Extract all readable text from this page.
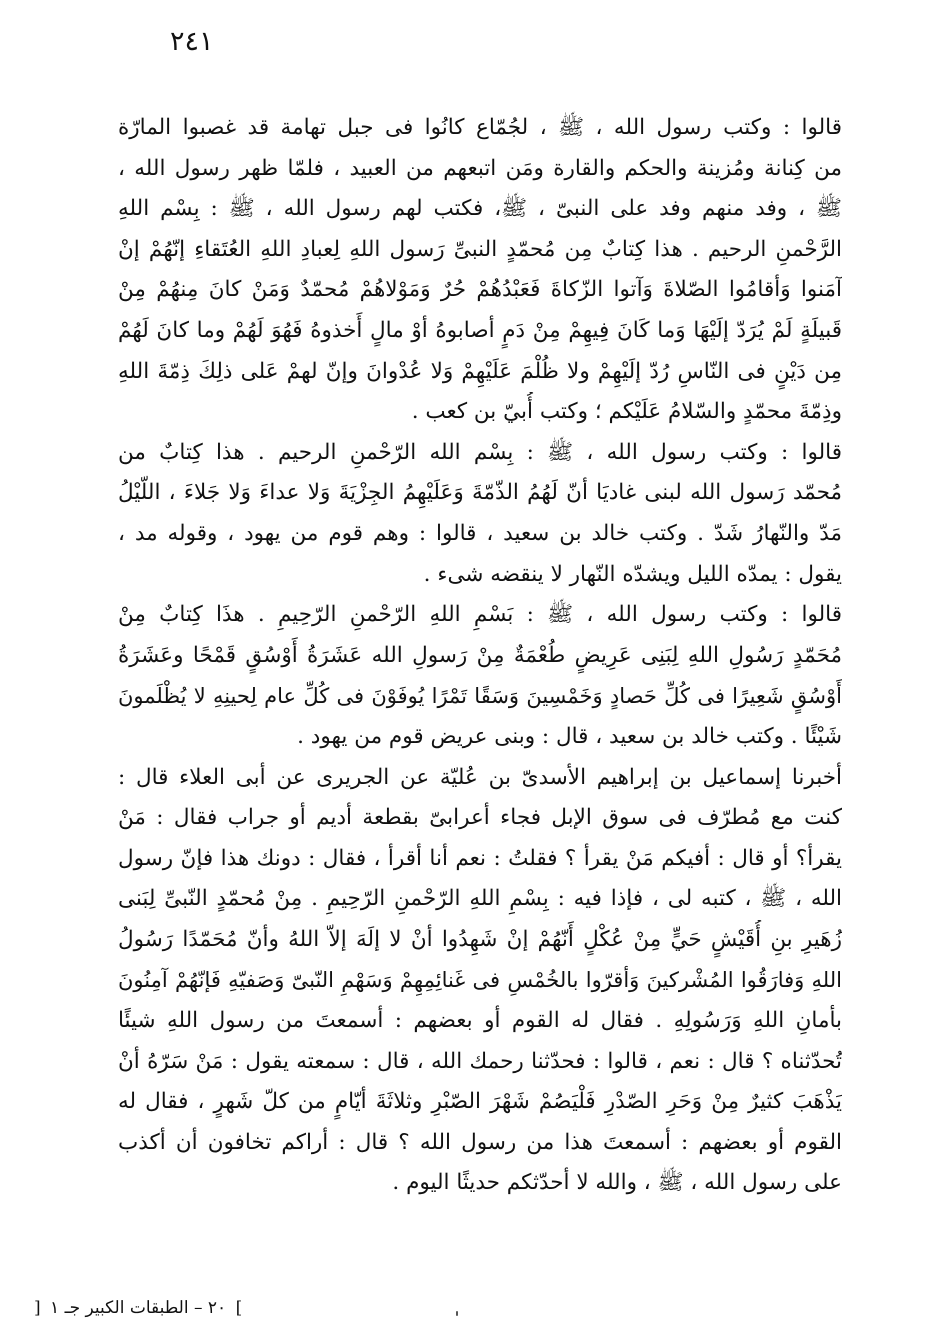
٢٤١
قالوا : وكتب رسول الله ، ﷺ ، لجُمّاع كانُوا فى جبل تهامة قد غصبوا المارّة
من كِنانة ومُزينة والحكم والقارة ومَن اتبعهم من العبيد ، فلمّا ظهر رسول الله ،
ﷺ ، وفد منهم وفد على النبىّ ، ﷺ، فكتب لهم رسول الله ، ﷺ : بِسْم اللهِ
الرَّحْمنِ الرحيم . هذا كِتابٌ مِن مُحمّدٍ النبىِّ رَسول اللهِ لِعبادِ اللهِ العُتَقاءِ إنّهُمْ إنْ
آمَنوا وَأقامُوا الصّلاةَ وَآتوا الزّكاةَ فَعَبْدُهُمْ حُرٌ وَمَوْلاهُمْ مُحمّدٌ وَمَنْ كانَ مِنهُمْ مِنْ
قَبيلَةٍ لَمْ يُرَدّ إلَيْهَا وَما كَانَ فِيهِمْ مِنْ دَمٍ أصابوهُ أوْ مالٍ أَخذوهُ فَهُوَ لَهُمْ وما كانَ لَهُمْ
مِن دَيْنٍ فى النّاسِ رُدّ إلَيْهِمْ ولا ظُلْمَ عَلَيْهِمْ وَلا عُدْوانَ وإنّ لهمْ عَلى ذلِكَ ذِمّةَ اللهِ
وذِمّةَ محمّدٍ والسّلامُ عَلَيْكم ؛ وكتب أُبيّ بن كعب .
قالوا : وكتب رسول الله ، ﷺ : بِسْم الله الرّحْمنِ الرحيم . هذا كِتابٌ من
مُحمّد رَسول الله لبنى غاديَا أنّ لَهُمُ الذّمّةَ وَعَلَيْهِمُ الجِزْيَةَ وَلا عداءَ وَلا جَلاءَ ، اللّيْلُ
مَدّ والنّهارُ شَدّ . وكتب خالد بن سعيد ، قالوا : وهم قوم من يهود ، وقوله مد ،
يقول : يمدّه الليل ويشدّه النّهار لا ينقضه شىء .
قالوا : وكتب رسول الله ، ﷺ : بَسْمِ اللهِ الرّحْمنِ الرّحِيمِ . هذَا كِتابٌ مِنْ
مُحَمّدٍ رَسُولِ اللهِ لِبَنِى عَرِيضٍ طُعْمَةٌ مِنْ رَسولِ الله عَشَرَةُ أَوْسُقٍ قَمْحًا وعَشَرَةُ
أَوْسُقٍ شَعِيرًا فى كُلِّ حَصادٍ وَخَمْسِينَ وَسَقًا تَمْرًا يُوفَوْنَ فى كُلِّ عام لِحينِهِ لا يُظْلَمونَ
شَيْئًا . وكتب خالد بن سعيد ، قال : وبنى عريض قوم من يهود .
أخبرنا إسماعيل بن إبراهيم الأسدىّ بن عُليّة عن الجريرى عن أبى العلاء قال :
كنت مع مُطرّف فى سوق الإبل فجاء أعرابىّ بقطعة أديم أو جراب فقال : مَنْ
يقرأ؟ أو قال : أفيكم مَنْ يقرأ ؟ فقلتُ : نعم أنا أقرأ ، فقال : دونك هذا فإنّ رسول
الله ، ﷺ ، كتبه لى ، فإذا فيه : بِسْمِ اللهِ الرّحْمنِ الرّحِيمِ . مِنْ مُحمّدٍ النّبىِّ لِبَنى
زُهَيرِ بنِ أُقَيْشٍ حَيٍّ مِنْ عُكْلٍ أَنّهُمْ إنْ شَهِدُوا أنْ لا إلَهَ إلاّ اللهُ وأنّ مُحَمّدًا رَسُولُ
اللهِ وَفارَقُوا المُشْركينَ وَأقرّوا بالخُمْسِ فى غَنائِمِهِمْ وَسَهْمِ النّبىّ وَصَفيّهِ فَإنّهُمْ آمِنُونَ
بأمانِ اللهِ وَرَسُولِهِ . فقال له القوم أو بعضهم : أسمعتَ من رسول اللهِ شيئًا
تُحدّثناه ؟ قال : نعم ، قالوا : فحدّثنا رحمك الله ، قال : سمعته يقول : مَنْ سَرّهُ أنْ
يَذْهَبَ كثيرٌ مِنْ وَحَرِ الصّدْرِ فَلْيَصُمْ شَهْرَ الصّبْرِ وثلاثَةَ أيّامٍ من كلّ شَهرٍ ، فقال له
القوم أو بعضهم : أسمعتَ هذا من رسول الله ؟ قال : أراكم تخافون أن أكذب
على رسول الله ، ﷺ ، والله لا أحدّثكم حديثًا اليوم .
] ٢٠ – الطبقات الكبير جـ ١ [
